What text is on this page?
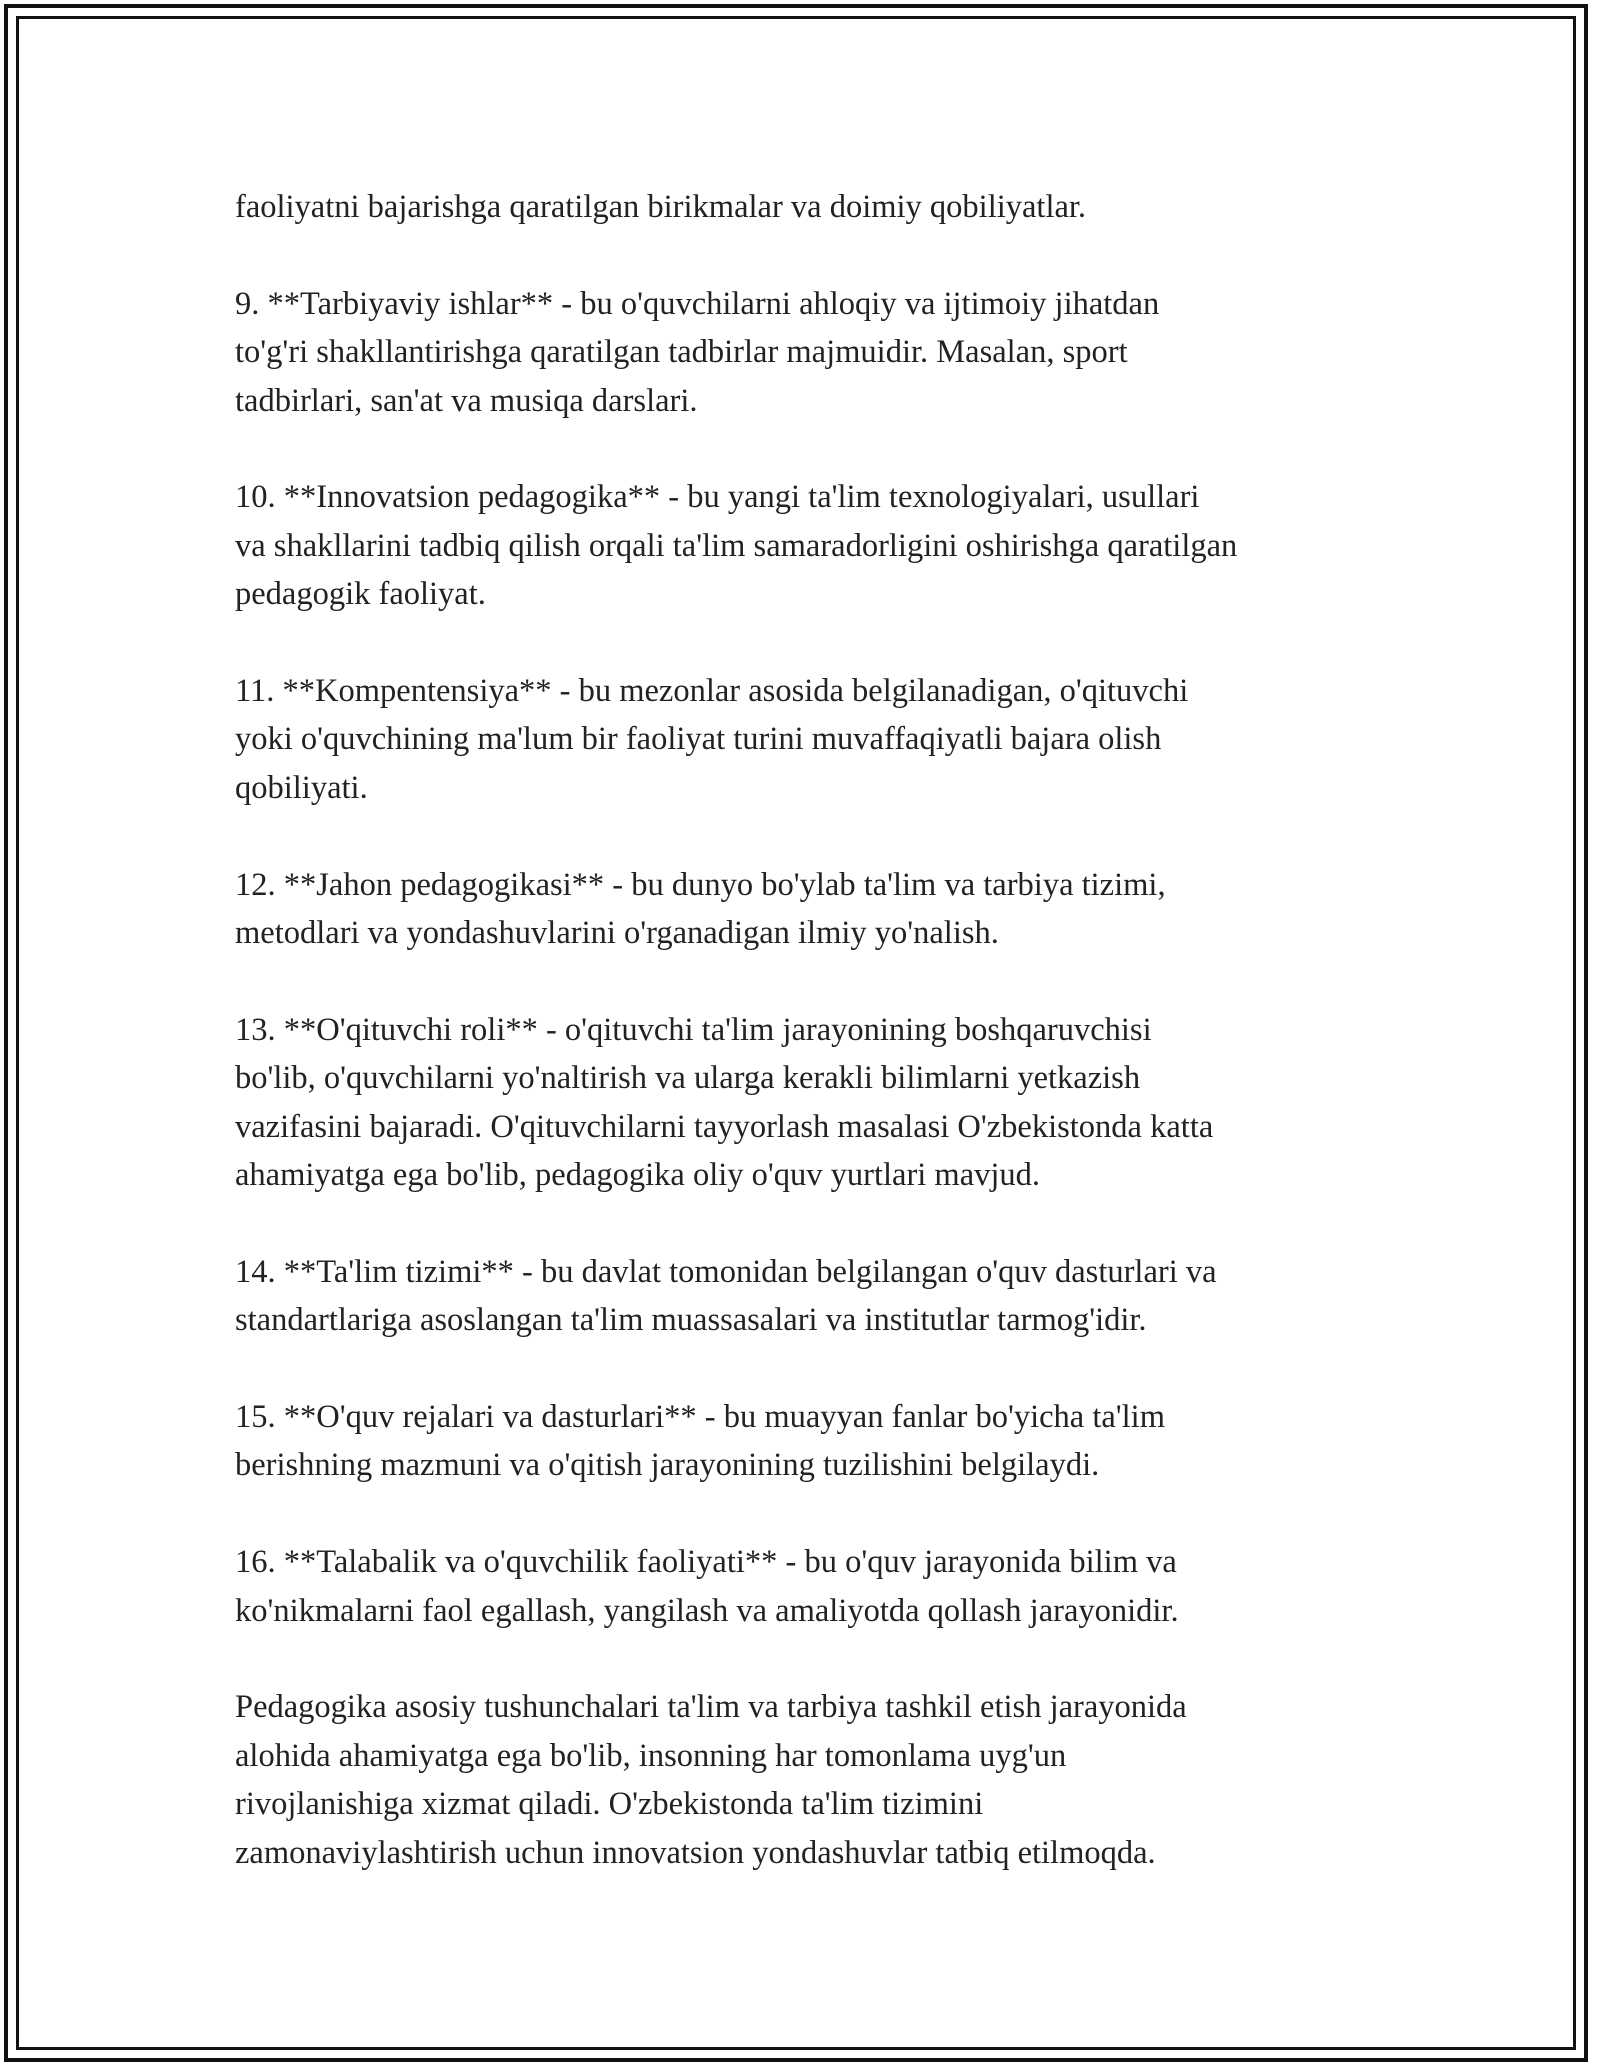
faoliyatni bajarishga qaratilgan birikmalar va doimiy qobiliyatlar.

9. **Tarbiyaviy ishlar** - bu o'quvchilarni ahloqiy va ijtimoiy jihatdan
to'g'ri shakllantirishga qaratilgan tadbirlar majmuidir. Masalan, sport
tadbirlari, san'at va musiqa darslari.

10. **Innovatsion pedagogika** - bu yangi ta'lim texnologiyalari, usullari
va shakllarini tadbiq qilish orqali ta'lim samaradorligini oshirishga qaratilgan
pedagogik faoliyat.

11. **Kompentensiya** - bu mezonlar asosida belgilanadigan, o'qituvchi
yoki o'quvchining ma'lum bir faoliyat turini muvaffaqiyatli bajara olish
qobiliyati.

12. **Jahon pedagogikasi** - bu dunyo bo'ylab ta'lim va tarbiya tizimi,
metodlari va yondashuvlarini o'rganadigan ilmiy yo'nalish.

13. **O'qituvchi roli** - o'qituvchi ta'lim jarayonining boshqaruvchisi
bo'lib, o'quvchilarni yo'naltirish va ularga kerakli bilimlarni yetkazish
vazifasini bajaradi. O'qituvchilarni tayyorlash masalasi O'zbekistonda katta
ahamiyatga ega bo'lib, pedagogika oliy o'quv yurtlari mavjud.

14. **Ta'lim tizimi** - bu davlat tomonidan belgilangan o'quv dasturlari va
standartlariga asoslangan ta'lim muassasalari va institutlar tarmog'idir.

15. **O'quv rejalari va dasturlari** - bu muayyan fanlar bo'yicha ta'lim
berishning mazmuni va o'qitish jarayonining tuzilishini belgilaydi.

16. **Talabalik va o'quvchilik faoliyati** - bu o'quv jarayonida bilim va
ko'nikmalarni faol egallash, yangilash va amaliyotda qollash jarayonidir.

Pedagogika asosiy tushunchalari ta'lim va tarbiya tashkil etish jarayonida
alohida ahamiyatga ega bo'lib, insonning har tomonlama uyg'un
rivojlanishiga xizmat qiladi. O'zbekistonda ta'lim tizimini
zamonaviylashtirish uchun innovatsion yondashuvlar tatbiq etilmoqda.
